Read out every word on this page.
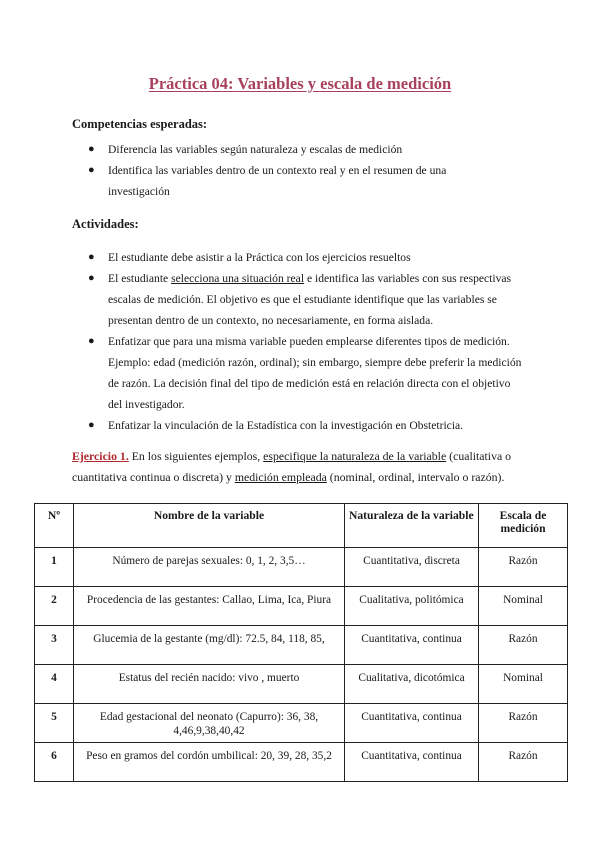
Práctica 04: Variables y escala de medición
Competencias esperadas:
● Diferencia las variables según naturaleza y escalas de medición
● Identifica las variables dentro de un contexto real y en el resumen de una investigación
Actividades:
● El estudiante debe asistir a la Práctica con los ejercicios resueltos
● El estudiante selecciona una situación real e identifica las variables con sus respectivas escalas de medición. El objetivo es que el estudiante identifique que las variables se presentan dentro de un contexto, no necesariamente, en forma aislada.
● Enfatizar que para una misma variable pueden emplearse diferentes tipos de medición. Ejemplo: edad (medición razón, ordinal); sin embargo, siempre debe preferir la medición de razón. La decisión final del tipo de medición está en relación directa con el objetivo del investigador.
● Enfatizar la vinculación de la Estadística con la investigación en Obstetricia.
Ejercicio 1. En los siguientes ejemplos, especifique la naturaleza de la variable (cualitativa o cuantitativa continua o discreta) y medición empleada (nominal, ordinal, intervalo o razón).
Nº	Nombre de la variable	Naturaleza de la variable	Escala de medición
1	Número de parejas sexuales: 0, 1, 2, 3,5…	Cuantitativa, discreta	Razón
2	Procedencia de las gestantes: Callao, Lima, Ica, Piura	Cualitativa, politómica	Nominal
3	Glucemia de la gestante (mg/dl): 72.5, 84, 118, 85,	Cuantitativa, continua	Razón
4	Estatus del recién nacido: vivo , muerto	Cualitativa, dicotómica	Nominal
5	Edad gestacional del neonato (Capurro): 36, 38, 4,46,9,38,40,42	Cuantitativa, continua	Razón
6	Peso en gramos del cordón umbilical: 20, 39, 28, 35,2	Cuantitativa, continua	Razón
